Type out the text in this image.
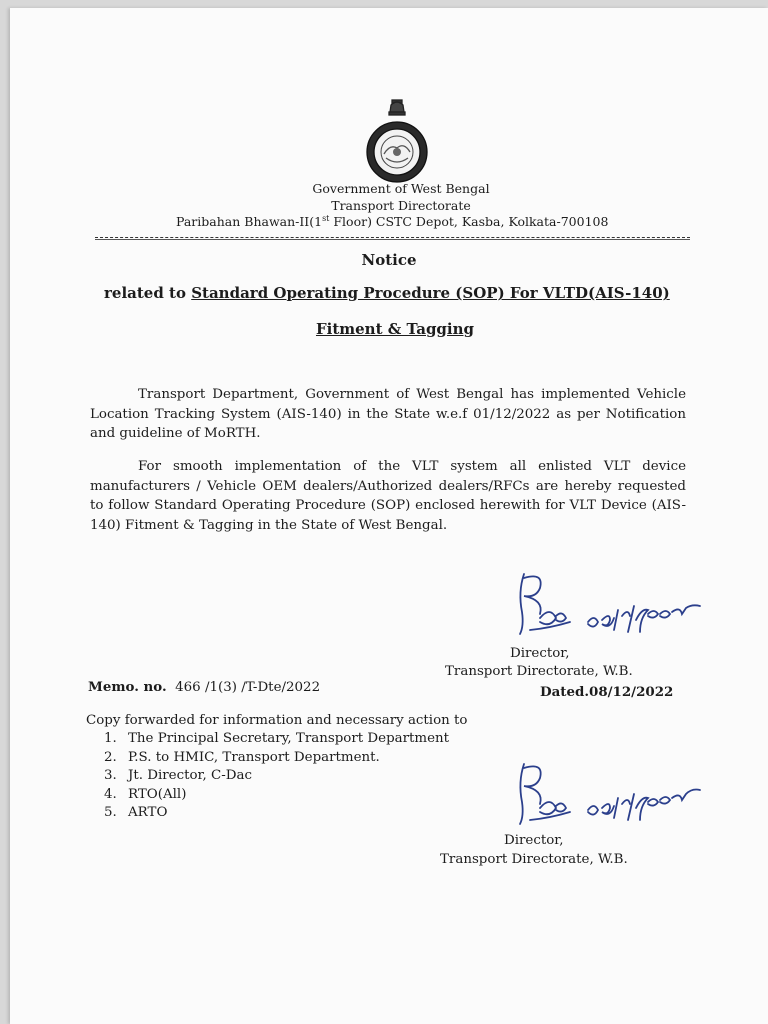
Government of West Bengal
Transport Directorate
Paribahan Bhawan-II(1st Floor) CSTC Depot, Kasba, Kolkata-700108
Notice
related to Standard Operating Procedure (SOP) For VLTD(AIS-140)
Fitment & Tagging
Transport Department, Government of West Bengal has implemented Vehicle Location Tracking System (AIS-140) in the State w.e.f 01/12/2022 as per Notification and guideline of MoRTH.
For smooth implementation of the VLT system all enlisted VLT device manufacturers / Vehicle OEM dealers/Authorized dealers/RFCs are hereby requested to follow Standard Operating Procedure (SOP) enclosed herewith for VLT Device (AIS-140) Fitment & Tagging in the State of West Bengal.
Director,
Transport Directorate, W.B.
Memo. no. 466 /1(3) /T-Dte/2022	Dated.08/12/2022
Copy forwarded for information and necessary action to
1. The Principal Secretary, Transport Department
2. P.S. to HMIC, Transport Department.
3. Jt. Director, C-Dac
4. RTO(All)
5. ARTO
Director,
Transport Directorate, W.B.
